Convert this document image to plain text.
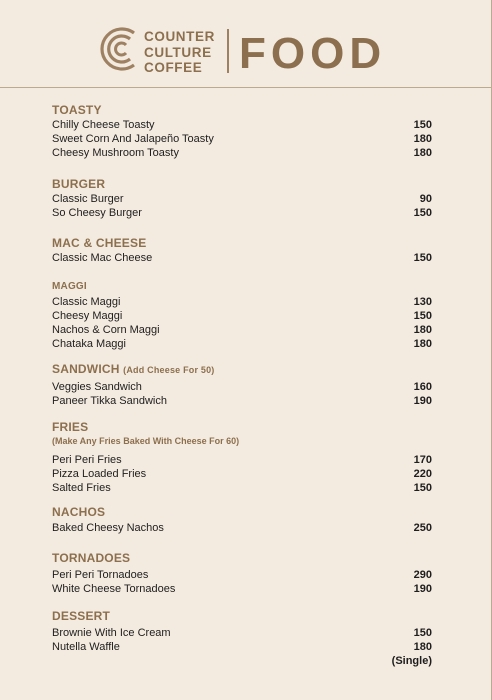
COUNTER
CULTURE
COFFEE FOOD
TOASTY
Chilly Cheese Toasty	150
Sweet Corn And Jalapeño Toasty	180
Cheesy Mushroom Toasty	180
BURGER
Classic Burger	90
So Cheesy Burger	150
MAC & CHEESE
Classic Mac Cheese	150
MAGGI
Classic Maggi	130
Cheesy Maggi	150
Nachos & Corn Maggi	180
Chataka Maggi	180
SANDWICH (Add Cheese For 50)
Veggies Sandwich	160
Paneer Tikka Sandwich	190
FRIES
(Make Any Fries Baked With Cheese For 60)
Peri Peri Fries	170
Pizza Loaded Fries	220
Salted Fries	150
NACHOS
Baked Cheesy Nachos	250
TORNADOES
Peri Peri Tornadoes	290
White Cheese Tornadoes	190
DESSERT
Brownie With Ice Cream	150
Nutella Waffle	180
(Single)
